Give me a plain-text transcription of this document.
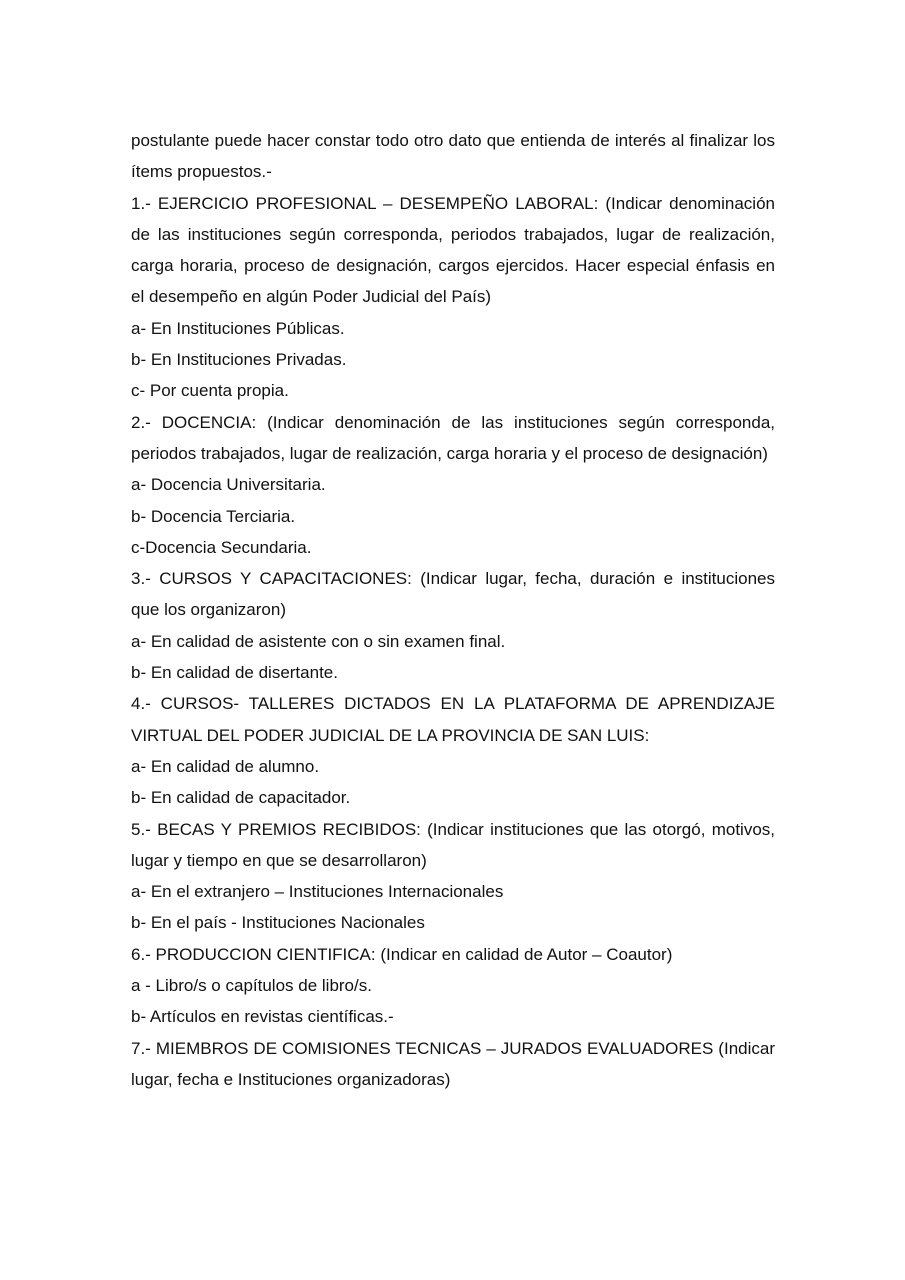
postulante puede hacer constar todo otro dato que entienda de interés al finalizar los ítems propuestos.-

1.- EJERCICIO PROFESIONAL – DESEMPEÑO LABORAL: (Indicar denominación de las instituciones según corresponda, periodos trabajados, lugar de realización, carga horaria, proceso de designación, cargos ejercidos. Hacer especial énfasis en el desempeño en algún Poder Judicial del País)

a- En Instituciones Públicas.

b- En Instituciones Privadas.

c- Por cuenta propia.

2.- DOCENCIA: (Indicar denominación de las instituciones según corresponda, periodos trabajados, lugar de realización, carga horaria y el proceso de designación)

a- Docencia Universitaria.

b- Docencia Terciaria.

c-Docencia Secundaria.

3.- CURSOS Y CAPACITACIONES: (Indicar lugar, fecha, duración e instituciones que los organizaron)

a- En calidad de asistente con o sin examen final.

b- En calidad de disertante.

4.- CURSOS- TALLERES DICTADOS EN LA PLATAFORMA DE APRENDIZAJE VIRTUAL DEL PODER JUDICIAL DE LA PROVINCIA DE SAN LUIS:

a- En calidad de alumno.

b- En calidad de capacitador.

5.- BECAS Y PREMIOS RECIBIDOS: (Indicar instituciones que las otorgó, motivos, lugar y tiempo en que se desarrollaron)

a- En el extranjero – Instituciones Internacionales

b- En el país - Instituciones Nacionales

6.- PRODUCCION CIENTIFICA: (Indicar en calidad de Autor – Coautor)

a - Libro/s o capítulos de libro/s.

b- Artículos en revistas científicas.-

7.- MIEMBROS DE COMISIONES TECNICAS – JURADOS EVALUADORES (Indicar lugar, fecha e Instituciones organizadoras)
